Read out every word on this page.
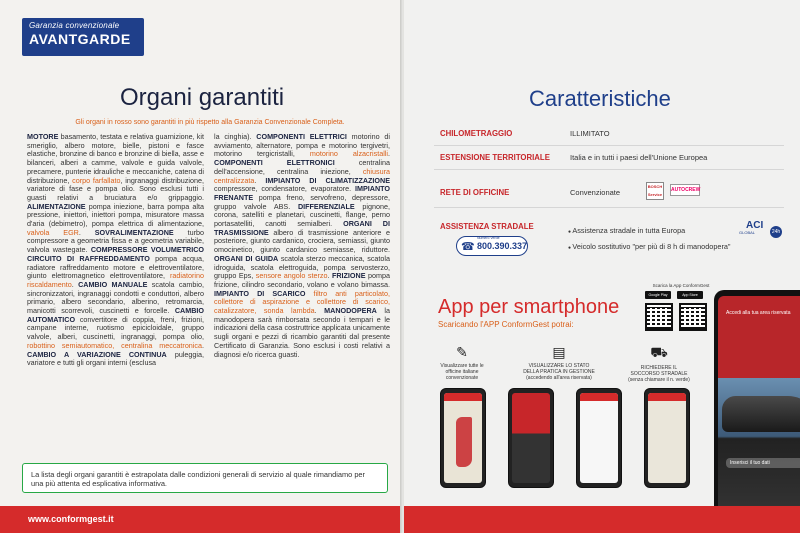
Garanzia convenzionale
AVANTGARDE
Organi garantiti
Gli organi in rosso sono garantiti in più rispetto alla Garanzia Convenzionale Completa.
MOTORE basamento, testata e relativa guarnizione, kit smeriglio, albero motore, bielle, pistoni e fasce elastiche, bronzine di banco e bronzine di biella, asse e bilanceri, alberi a camme, valvole e guida valvole, precamere, punterie idrauliche e meccaniche, catena di distribuzione, corpo farfallato, ingranaggi distribuzione, variatore di fase e pompa olio. Sono esclusi tutti i guasti relativi a bruciatura e/o grippaggio. ALIMENTAZIONE pompa iniezione, barra pompa alta pressione, iniettori, iniettori pompa, misuratore massa d'aria (debimetro), pompa elettrica di alimentazione, valvola EGR. SOVRALIMENTAZIONE turbo compressore a geometria fissa e a geometria variabile, valvola wastegate. COMPRESSORE VOLUMETRICO CIRCUITO DI RAFFREDDAMENTO pompa acqua, radiatore raffreddamento motore e elettroventilatore, giunto elettromagnetico elettroventilatore, radiatorino riscaldamento. CAMBIO MANUALE scatola cambio, sincronizzatori, ingranaggi condotti e conduttori, albero primario, albero secondario, alberino, retromarcia, manicotti scorrevoli, cuscinetti e forcelle. CAMBIO AUTOMATICO convertitore di coppia, freni, frizioni, campane interne, ruotismo epicicloidale, gruppo valvole, alberi, cuscinetti, ingranaggi, pompa olio, robottino semiautomatico, centralina meccatronica. CAMBIO A VARIAZIONE CONTINUA puleggia, variatore e tutti gli organi interni (esclusa
la cinghia). COMPONENTI ELETTRICI motorino di avviamento, alternatore, pompa e motorino tergivetri, motorino tergicristalli, motorino alzacristalli. COMPONENTI ELETTRONICI centralina dell'accensione, centralina iniezione, chiusura centralizzata. IMPIANTO DI CLIMATIZZAZIONE compressore, condensatore, evaporatore. IMPIANTO FRENANTE pompa freno, servofreno, depressore, gruppo valvole ABS. DIFFERENZIALE pignone, corona, satelliti e planetari, cuscinetti, flange, perno portasatelliti, canotti semialberi. ORGANI DI TRASMISSIONE albero di trasmissione anteriore e posteriore, giunto cardanico, crociera, semiassi, giunto omocinetico, giunto cardanico semiasse, riduttore. ORGANI DI GUIDA scatola sterzo meccanica, scatola idroguida, scatola elettroguida, pompa servosterzo, gruppo Eps, sensore angolo sterzo. FRIZIONE pompa frizione, cilindro secondario, volano e volano bimassa. IMPIANTO DI SCARICO filtro anti particolato, collettore di aspirazione e collettore di scarico, catalizzatore, sonda lambda. MANODOPERA la manodopera sarà rimborsata secondo i tempari e le indicazioni della casa costruttrice applicata unicamente sugli organi e pezzi di ricambio garantiti dal presente Certificato di Garanzia. Sono esclusi i costi relativi a diagnosi e/o ricerca guasti.
La lista degli organi garantiti è estrapolata dalle condizioni generali di servizio al quale rimandiamo per una più attenta ed esplicativa informativa.
www.conformgest.it
Caratteristiche
CHILOMETRAGGIO	ILLIMITATO
ESTENSIONE TERRITORIALE	Italia e in tutti i paesi dell'Unione Europea
RETE DI OFFICINE	Convenzionate
BOSCH Service
AUTOCREW
ASSISTENZA STRADALE
☎
Numero Verde
800.390.337
● Assistenza stradale in tutta Europa
● Veicolo sostitutivo "per più di 8 h di manodopera"
ACI
GLOBAL	24h
App per smartphone
Scaricando l'APP ConformGest potrai:
Scarica la App ConformGest
Google Play	App Store
✎
Visualizzare tutte le officine italiane convenzionate
▤
VISUALIZZARE LO STATO DELLA PRATICA IN GESTIONE (accedendo all'area riservata)
⛟
RICHIEDERE IL SOCCORSO STRADALE (senza chiamare il n. verde)
Accedi alla tua area riservata
Inserisci il tuo dati
